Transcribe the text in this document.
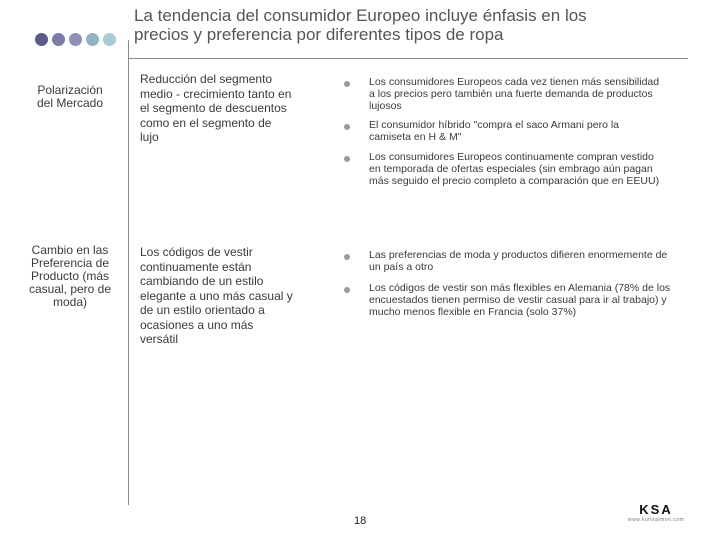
La tendencia del consumidor Europeo incluye énfasis en los
precios y preferencia por diferentes tipos de ropa
Polarización
del Mercado
Reducción del segmento
medio - crecimiento tanto en
el segmento de descuentos
como en el segmento de
lujo
Los consumidores Europeos cada vez tienen más sensibilidad
a los precios pero también una fuerte demanda de productos
lujosos
El consumidor híbrido "compra el saco Armani pero la
camiseta en H & M"
Los consumidores Europeos continuamente compran vestido
en temporada de ofertas especiales (sin embrago aún pagan
más seguido el precio completo a comparación que en EEUU)
Cambio en las
Preferencia de
Producto (más
casual, pero de
moda)
Los códigos de vestir
continuamente están
cambiando de un estilo
elegante a uno más casual y
de un estilo orientado a
ocasiones a uno más
versátil
Las preferencias de moda y productos difieren enormemente de
un país a otro
Los códigos de vestir son más flexibles en Alemania (78% de los
encuestados tienen permiso de vestir casual para ir al trabajo) y
mucho menos flexible en Francia (solo 37%)
18
KSA
www.kurtsalmon.com
